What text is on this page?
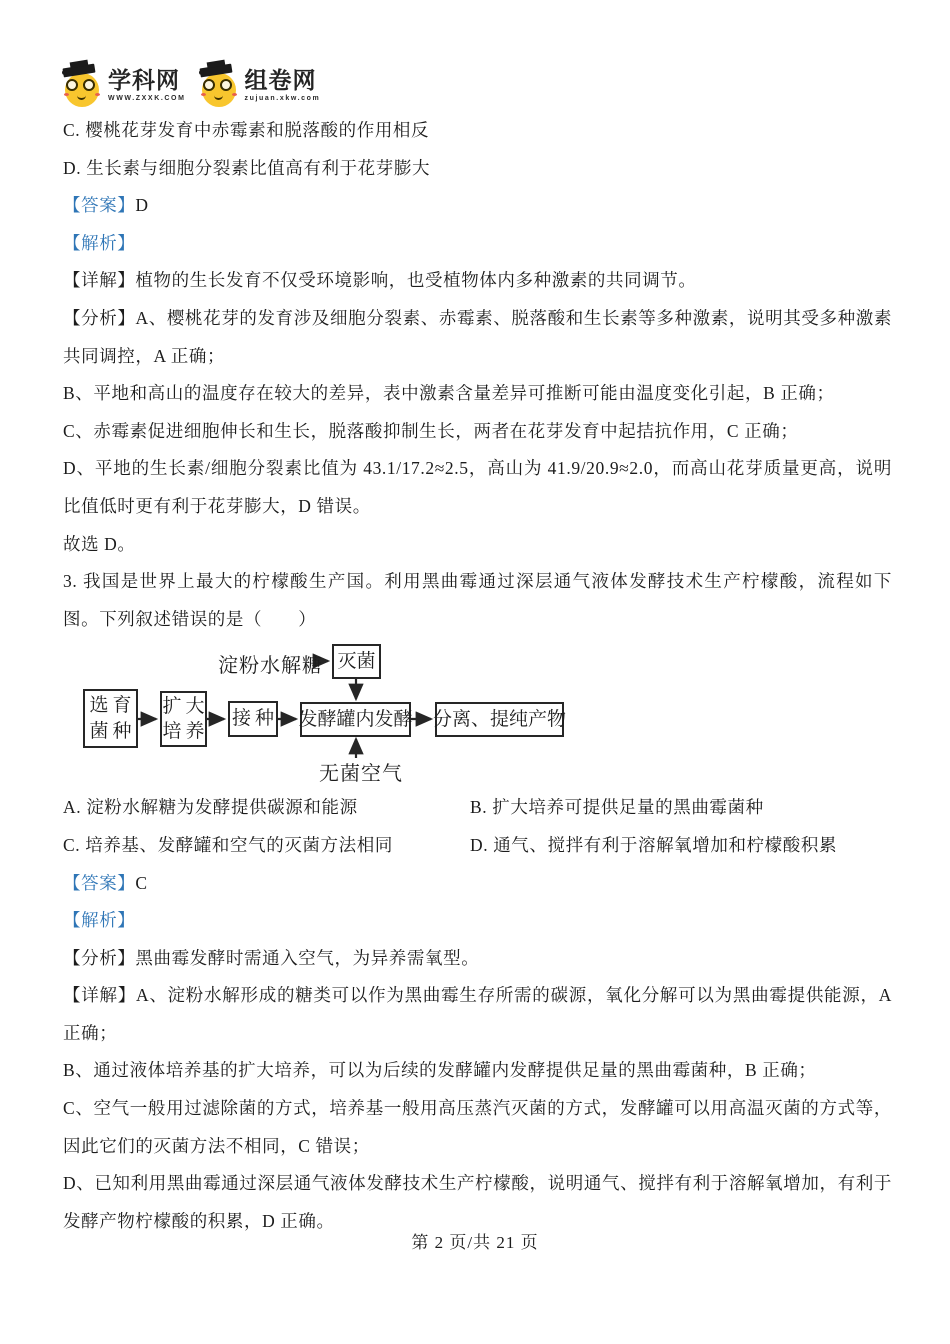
学科网
WWW.ZXXK.COM
组卷网
zujuan.xkw.com

C. 樱桃花芽发育中赤霉素和脱落酸的作用相反

D. 生长素与细胞分裂素比值高有利于花芽膨大

【答案】D

【解析】

【详解】植物的生长发育不仅受环境影响，也受植物体内多种激素的共同调节。

【分析】A、樱桃花芽的发育涉及细胞分裂素、赤霉素、脱落酸和生长素等多种激素，说明其受多种激素共同调控，A 正确；

B、平地和高山的温度存在较大的差异，表中激素含量差异可推断可能由温度变化引起，B 正确；

C、赤霉素促进细胞伸长和生长，脱落酸抑制生长，两者在花芽发育中起拮抗作用，C 正确；

D、平地的生长素/细胞分裂素比值为 43.1/17.2≈2.5，高山为 41.9/20.9≈2.0，而高山花芽质量更高，说明比值低时更有利于花芽膨大，D 错误。

故选 D。

3. 我国是世界上最大的柠檬酸生产国。利用黑曲霉通过深层通气液体发酵技术生产柠檬酸，流程如下图。下列叙述错误的是（　　）

淀粉水解糖 灭菌
选育
菌种
扩大
培养
接种 发酵罐内发酵 分离、提纯产物
无菌空气

A. 淀粉水解糖为发酵提供碳源和能源	B. 扩大培养可提供足量的黑曲霉菌种

C. 培养基、发酵罐和空气的灭菌方法相同	D. 通气、搅拌有利于溶解氧增加和柠檬酸积累

【答案】C

【解析】

【分析】黑曲霉发酵时需通入空气，为异养需氧型。

【详解】A、淀粉水解形成的糖类可以作为黑曲霉生存所需的碳源，氧化分解可以为黑曲霉提供能源，A 正确；

B、通过液体培养基的扩大培养，可以为后续的发酵罐内发酵提供足量的黑曲霉菌种，B 正确；

C、空气一般用过滤除菌的方式，培养基一般用高压蒸汽灭菌的方式，发酵罐可以用高温灭菌的方式等，因此它们的灭菌方法不相同，C 错误；

D、已知利用黑曲霉通过深层通气液体发酵技术生产柠檬酸，说明通气、搅拌有利于溶解氧增加，有利于发酵产物柠檬酸的积累，D 正确。

第 2 页/共 21 页
